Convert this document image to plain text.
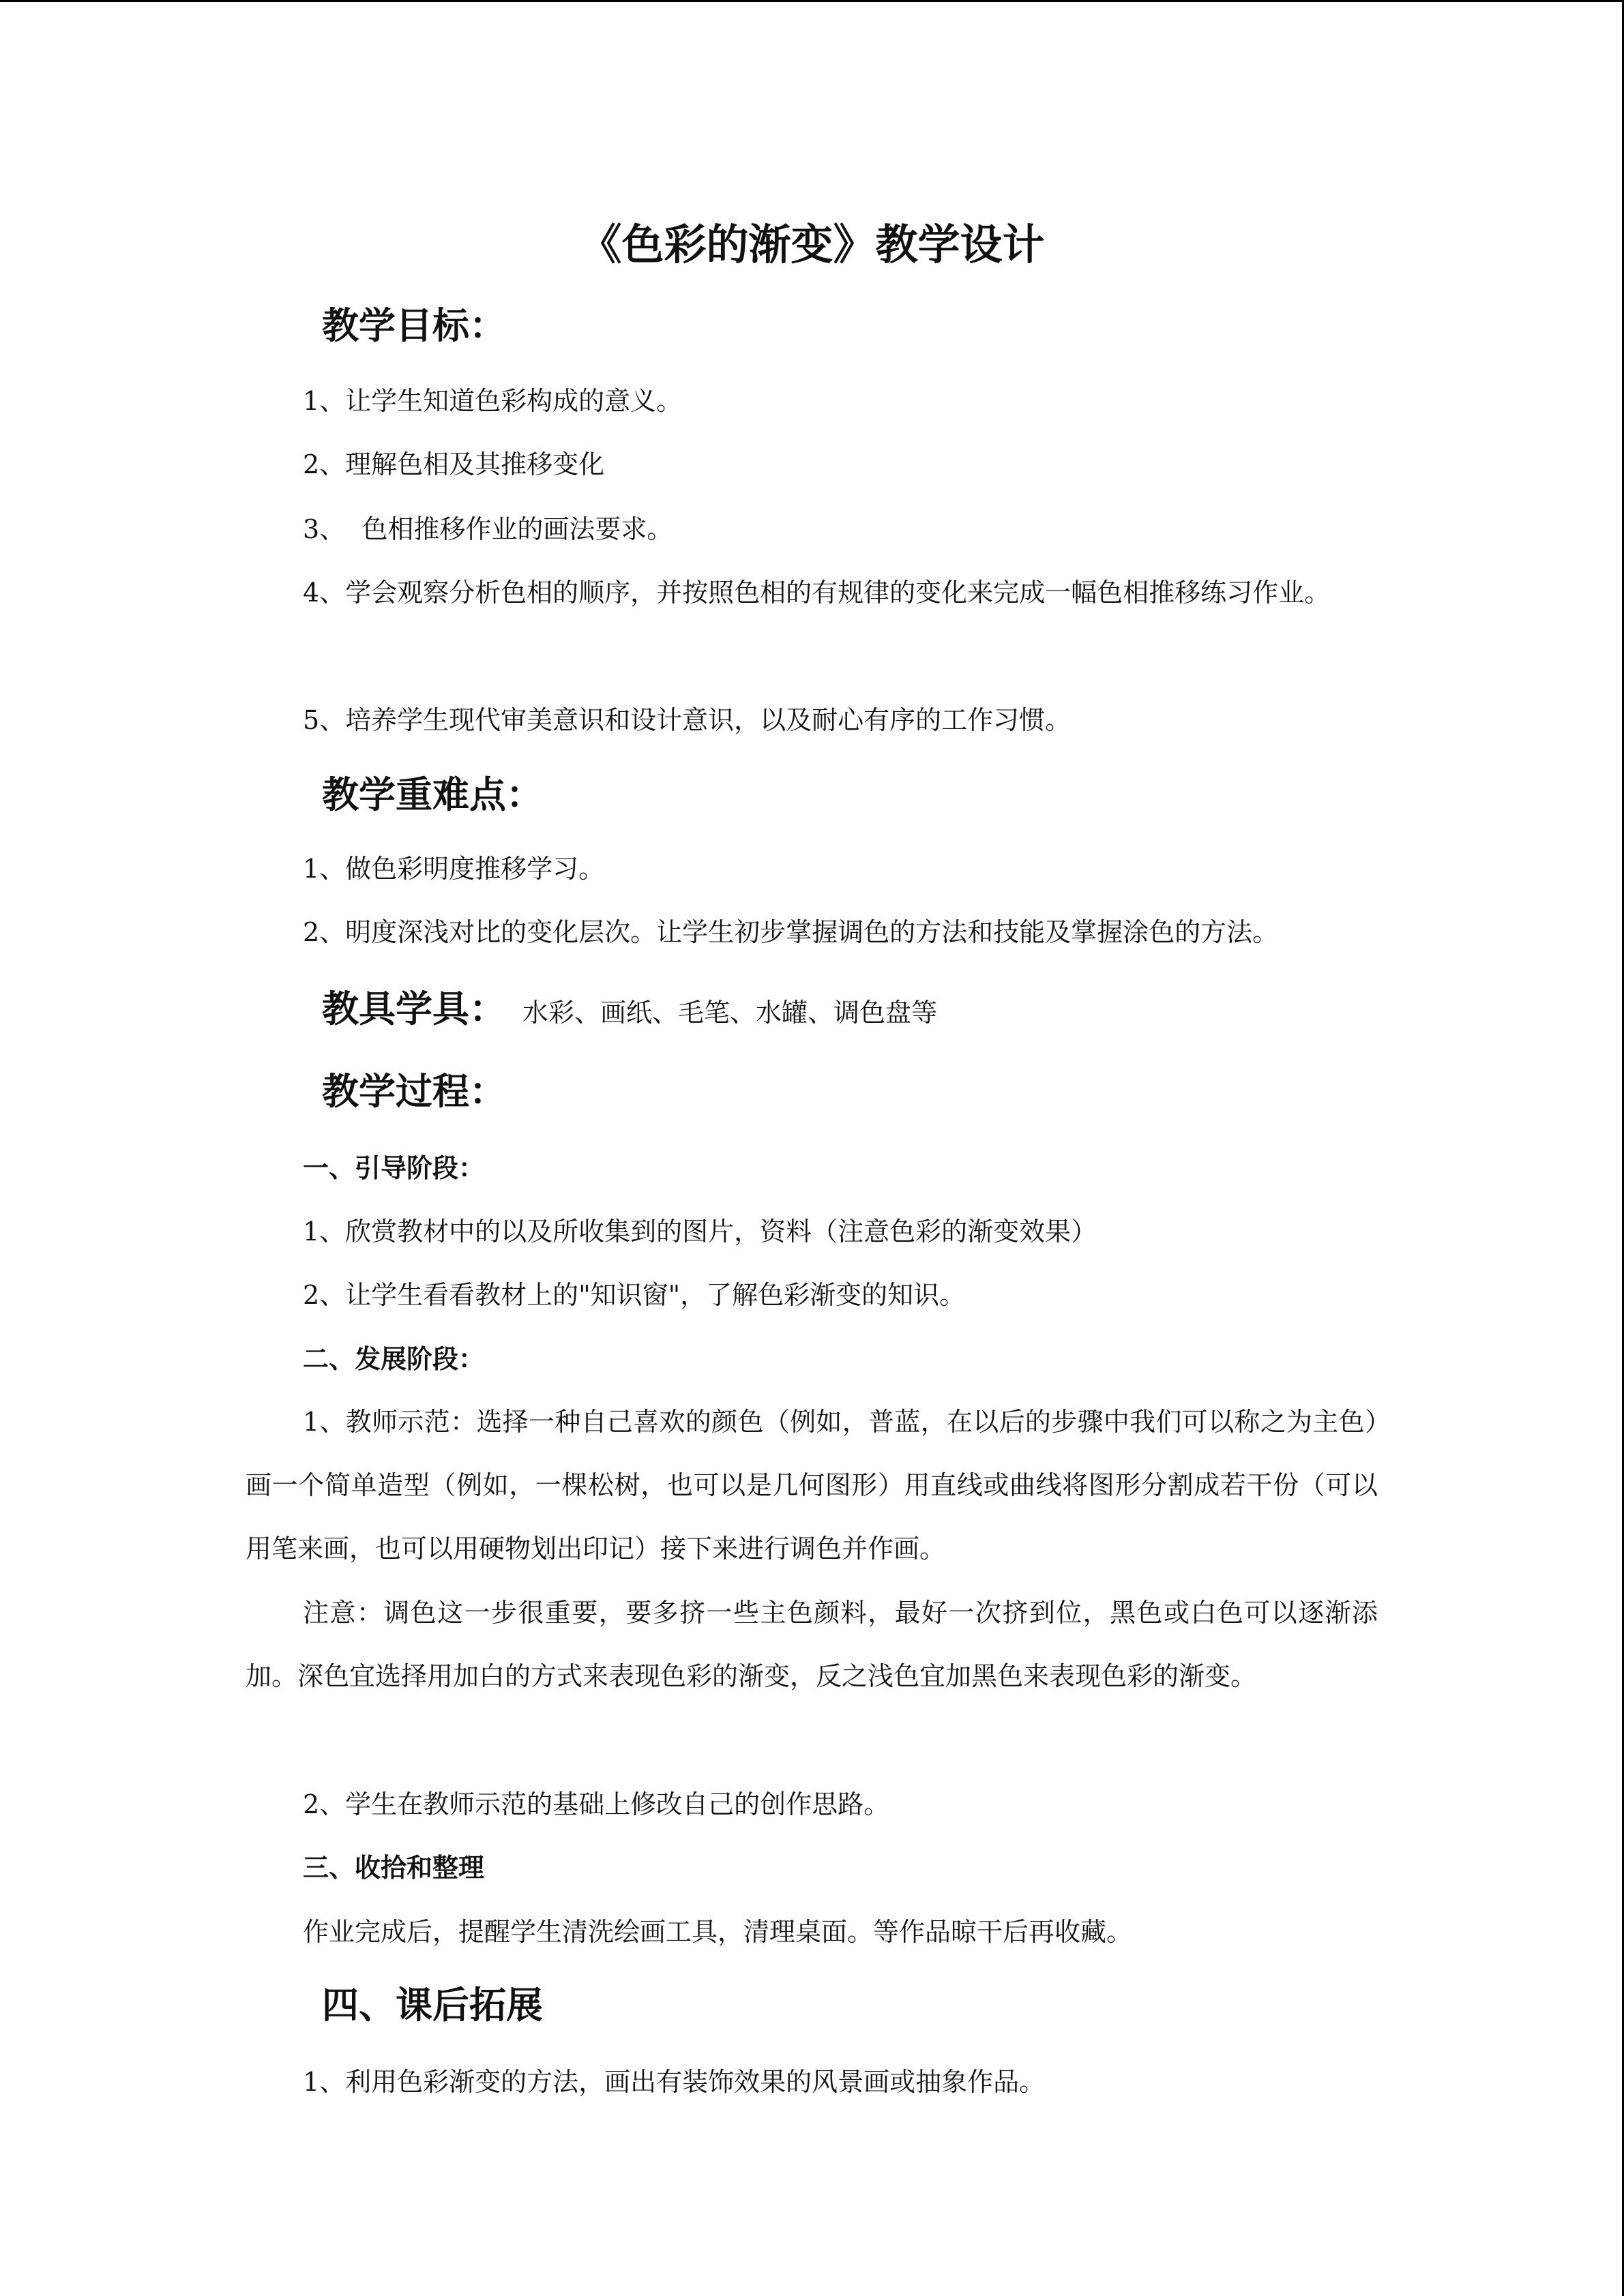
《色彩的渐变》教学设计
教学目标：
1、让学生知道色彩构成的意义。
2、理解色相及其推移变化
3、  色相推移作业的画法要求。
4、学会观察分析色相的顺序，并按照色相的有规律的变化来完成一幅色相推移练习作业。
5、培养学生现代审美意识和设计意识，以及耐心有序的工作习惯。
教学重难点：
1、做色彩明度推移学习。
2、明度深浅对比的变化层次。让学生初步掌握调色的方法和技能及掌握涂色的方法。
教具学具： 水彩、画纸、毛笔、水罐、调色盘等
教学过程：
一、引导阶段：
1、欣赏教材中的以及所收集到的图片，资料（注意色彩的渐变效果）
2、让学生看看教材上的"知识窗"，了解色彩渐变的知识。
二、发展阶段：
1、教师示范：选择一种自己喜欢的颜色（例如，普蓝，在以后的步骤中我们可以称之为主色）画一个简单造型（例如，一棵松树，也可以是几何图形）用直线或曲线将图形分割成若干份（可以用笔来画，也可以用硬物划出印记）接下来进行调色并作画。
注意：调色这一步很重要，要多挤一些主色颜料，最好一次挤到位，黑色或白色可以逐渐添加。深色宜选择用加白的方式来表现色彩的渐变，反之浅色宜加黑色来表现色彩的渐变。
2、学生在教师示范的基础上修改自己的创作思路。
三、收拾和整理
作业完成后，提醒学生清洗绘画工具，清理桌面。等作品晾干后再收藏。
四、课后拓展
1、利用色彩渐变的方法，画出有装饰效果的风景画或抽象作品。
